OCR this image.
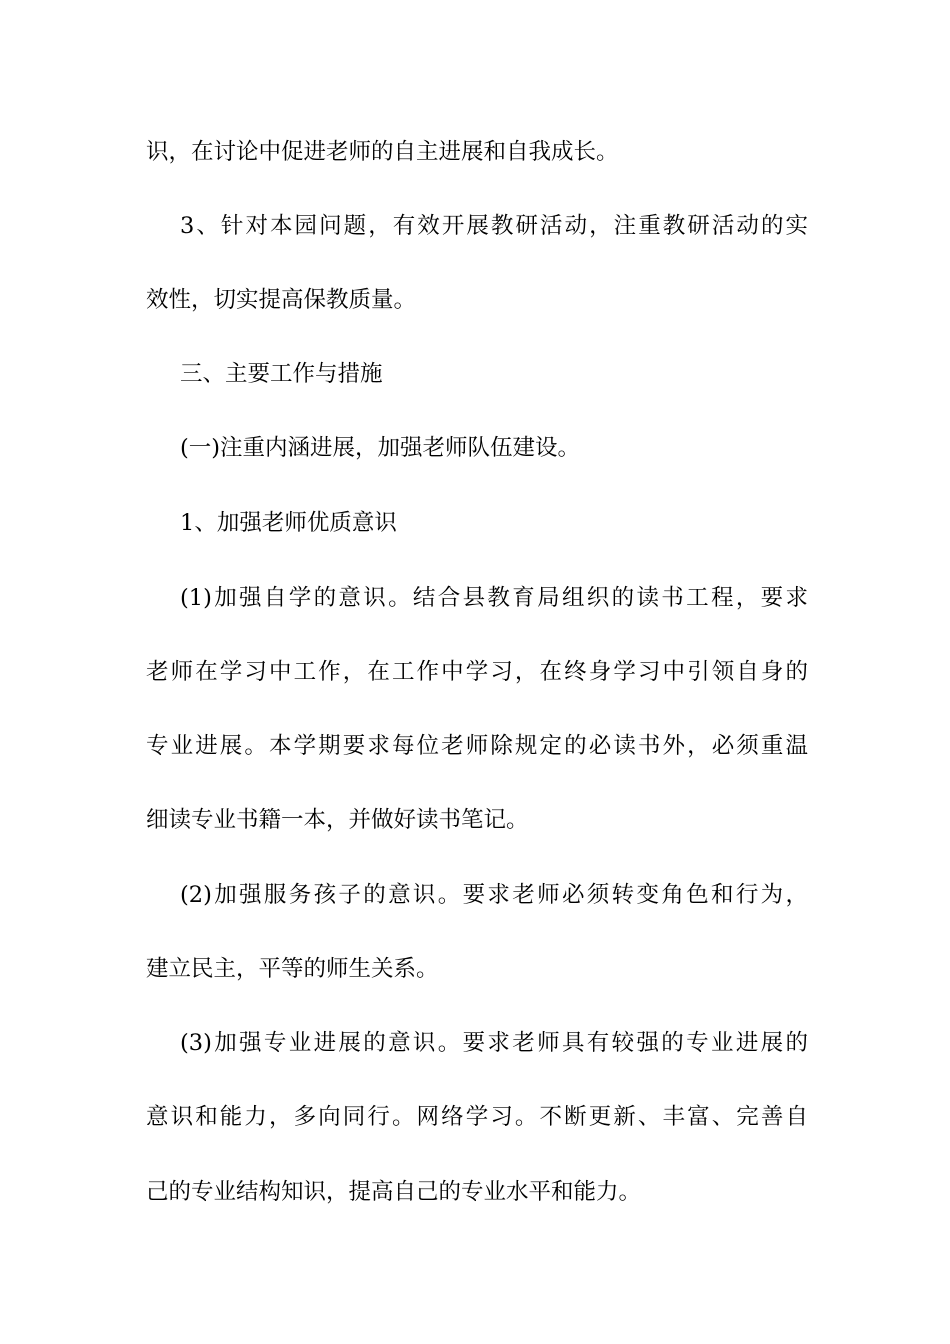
识，在讨论中促进老师的自主进展和自我成长。
3、针对本园问题，有效开展教研活动，注重教研活动的实
效性，切实提高保教质量。
三、主要工作与措施
(一)注重内涵进展，加强老师队伍建设。
1、加强老师优质意识
(1)加强自学的意识。结合县教育局组织的读书工程，要求
老师在学习中工作，在工作中学习，在终身学习中引领自身的
专业进展。本学期要求每位老师除规定的必读书外，必须重温
细读专业书籍一本，并做好读书笔记。
(2)加强服务孩子的意识。要求老师必须转变角色和行为，
建立民主，平等的师生关系。
(3)加强专业进展的意识。要求老师具有较强的专业进展的
意识和能力，多向同行。网络学习。不断更新、丰富、完善自
己的专业结构知识，提高自己的专业水平和能力。
